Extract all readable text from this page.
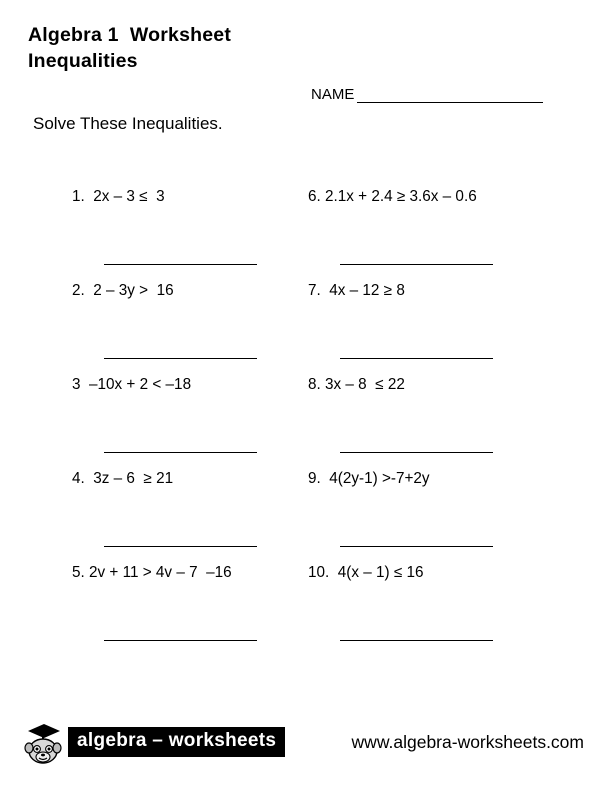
Algebra 1  Worksheet
Inequalities
NAME
Solve These Inequalities.
1.  2x – 3 ≤  3
2.  2 – 3y >  16
3  –10x + 2 < –18
4.  3z – 6  ≥ 21
5. 2v + 11 > 4v – 7  –16
6. 2.1x + 2.4 ≥ 3.6x – 0.6
7.  4x – 12 ≥ 8
8. 3x – 8  ≤ 22
9.  4(2y-1) >-7+2y
10.  4(x – 1) ≤ 16
algebra – worksheets	www.algebra-worksheets.com
